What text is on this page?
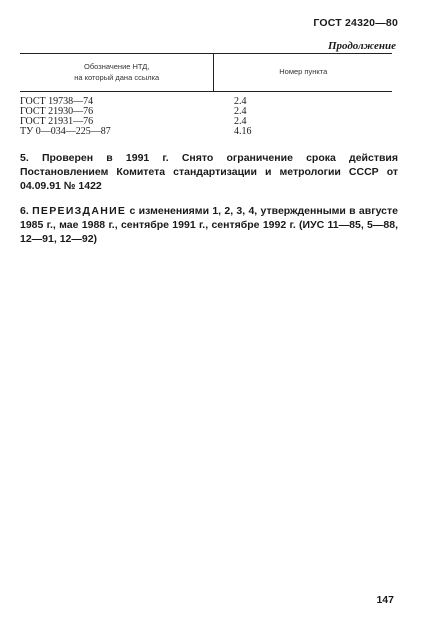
ГОСТ 24320—80
Продолжение
Обозначение НТД,
на который дана ссылка	Номер пункта
ГОСТ 19738—74	2.4
ГОСТ 21930—76	2.4
ГОСТ 21931—76	2.4
ТУ 0—034—225—87	4.16
5. Проверен в 1991 г. Снято ограничение срока действия Постановлением Комитета стандартизации и метрологии СССР от 04.09.91 № 1422
6. ПЕРЕИЗДАНИЕ с изменениями 1, 2, 3, 4, утвержденными в августе 1985 г., мае 1988 г., сентябре 1991 г., сентябре 1992 г. (ИУС 11—85, 5—88, 12—91, 12—92)
147
